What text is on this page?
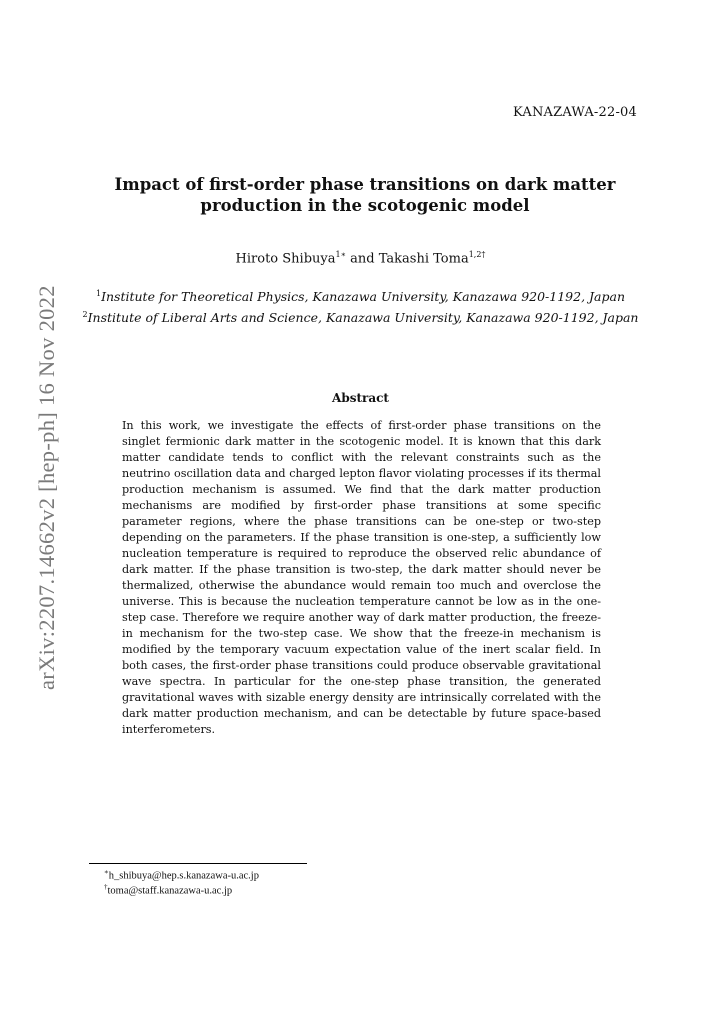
KANAZAWA-22-04
arXiv:2207.14662v2 [hep-ph] 16 Nov 2022
Impact of first-order phase transitions on dark matter production in the scotogenic model
Hiroto Shibuya$^{1∗}$ and Takashi Toma$^{1,2\dagger}$
$^1$Institute for Theoretical Physics, Kanazawa University, Kanazawa 920-1192, Japan
$^2$Institute of Liberal Arts and Science, Kanazawa University, Kanazawa 920-1192, Japan
Abstract

In this work, we investigate the effects of first-order phase transitions on the singlet fermionic dark matter in the scotogenic model. It is known that this dark matter candidate tends to conflict with the relevant constraints such as the neutrino oscillation data and charged lepton flavor violating processes if its thermal production mechanism is assumed. We find that the dark matter production mechanisms are modified by first-order phase transitions at some specific parameter regions, where the phase transitions can be one-step or two-step depending on the parameters. If the phase transition is one-step, a sufficiently low nucleation temperature is required to reproduce the observed relic abundance of dark matter. If the phase transition is two-step, the dark matter should never be thermalized, otherwise the abundance would remain too much and overclose the universe. This is because the nucleation temperature cannot be low as in the one-step case. Therefore we require another way of dark matter production, the freeze-in mechanism for the two-step case. We show that the freeze-in mechanism is modified by the temporary vacuum expectation value of the inert scalar field. In both cases, the first-order phase transitions could produce observable gravitational wave spectra. In particular for the one-step phase transition, the generated gravitational waves with sizable energy density are intrinsically correlated with the dark matter production mechanism, and can be detectable by future space-based interferometers.

∗h_shibuya@hep.s.kanazawa-u.ac.jp
†toma@staff.kanazawa-u.ac.jp
